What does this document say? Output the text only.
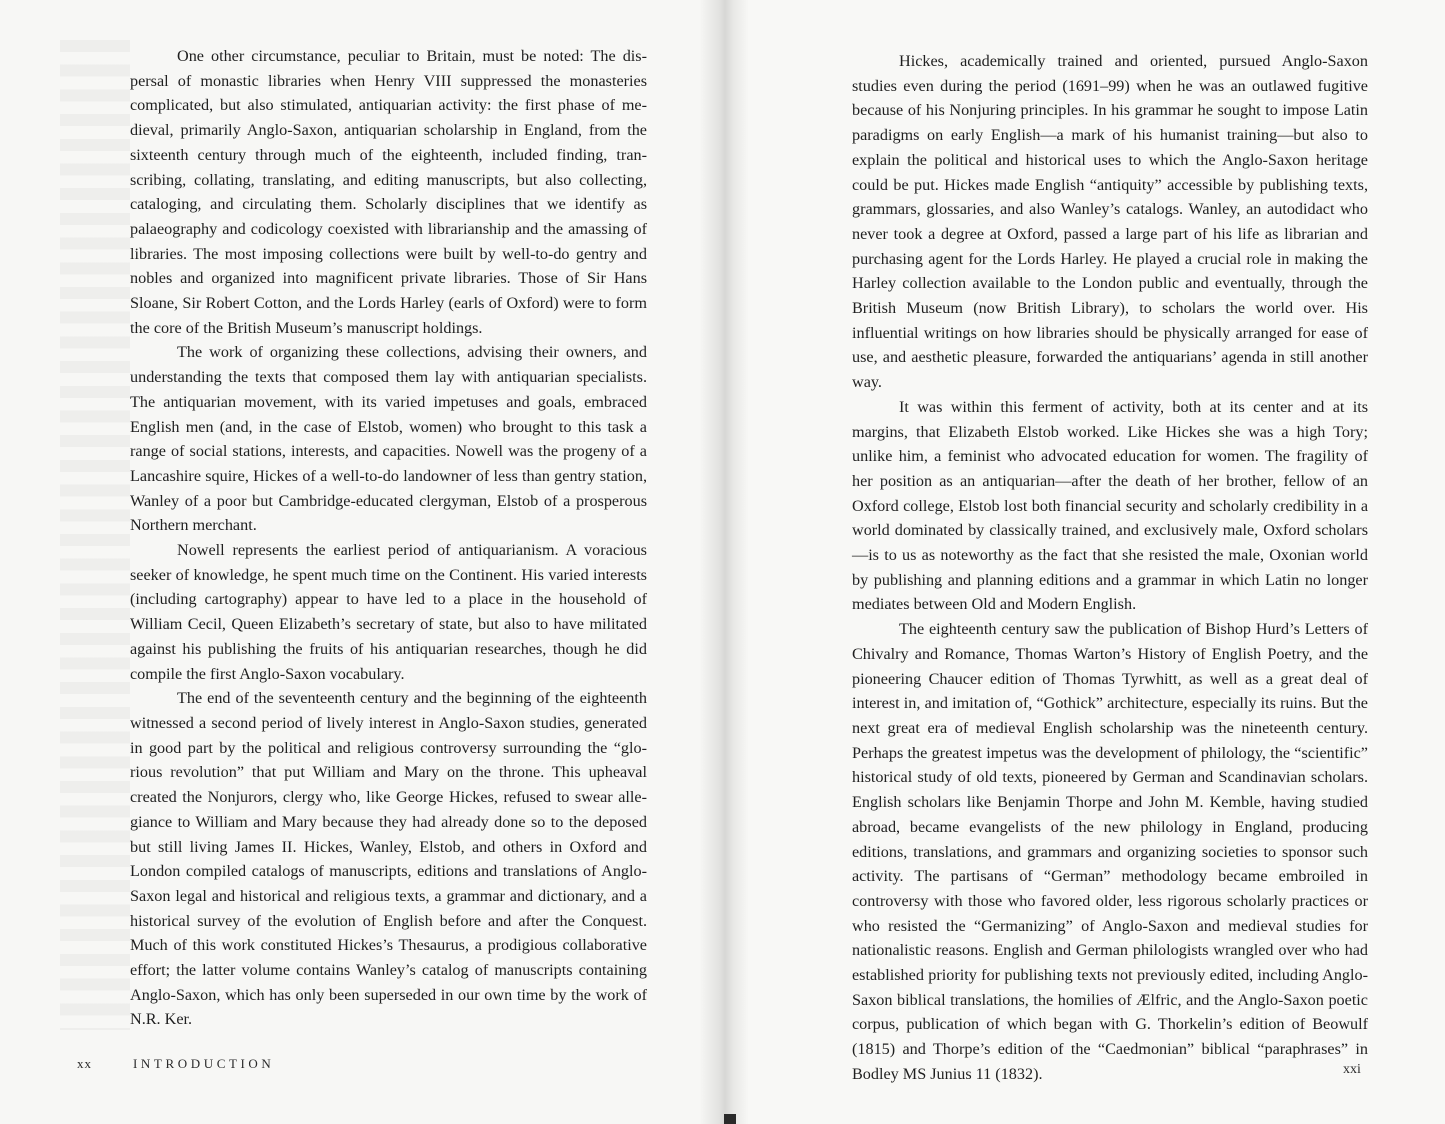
One other circumstance, peculiar to Britain, must be noted: The dispersal of monastic libraries when Henry VIII suppressed the monasteries complicated, but also stimulated, antiquarian activity: the first phase of medieval, primarily Anglo-Saxon, antiquarian scholarship in England, from the sixteenth century through much of the eighteenth, included finding, transcribing, collating, translating, and editing manuscripts, but also collecting, cataloging, and circulating them. Scholarly disciplines that we identify as palaeography and codicology coexisted with librarianship and the amassing of libraries. The most imposing collections were built by well-to-do gentry and nobles and organized into magnificent private libraries. Those of Sir Hans Sloane, Sir Robert Cotton, and the Lords Harley (earls of Oxford) were to form the core of the British Museum’s manuscript holdings.

The work of organizing these collections, advising their owners, and understanding the texts that composed them lay with antiquarian specialists. The antiquarian movement, with its varied impetuses and goals, embraced English men (and, in the case of Elstob, women) who brought to this task a range of social stations, interests, and capacities. Nowell was the progeny of a Lancashire squire, Hickes of a well-to-do landowner of less than gentry station, Wanley of a poor but Cambridge-educated clergyman, Elstob of a prosperous Northern merchant.

Nowell represents the earliest period of antiquarianism. A voracious seeker of knowledge, he spent much time on the Continent. His varied interests (including cartography) appear to have led to a place in the household of William Cecil, Queen Elizabeth’s secretary of state, but also to have militated against his publishing the fruits of his antiquarian researches, though he did compile the first Anglo-Saxon vocabulary.

The end of the seventeenth century and the beginning of the eighteenth witnessed a second period of lively interest in Anglo-Saxon studies, generated in good part by the political and religious controversy surrounding the “glorious revolution” that put William and Mary on the throne. This upheaval created the Nonjurors, clergy who, like George Hickes, refused to swear allegiance to William and Mary because they had already done so to the deposed but still living James II. Hickes, Wanley, Elstob, and others in Oxford and London compiled catalogs of manuscripts, editions and translations of Anglo-Saxon legal and historical and religious texts, a grammar and dictionary, and a historical survey of the evolution of English before and after the Conquest. Much of this work constituted Hickes’s Thesaurus, a prodigious collaborative effort; the latter volume contains Wanley’s catalog of manuscripts containing Anglo-Saxon, which has only been superseded in our own time by the work of N.R. Ker.

xx	INTRODUCTION

Hickes, academically trained and oriented, pursued Anglo-Saxon studies even during the period (1691–99) when he was an outlawed fugitive because of his Nonjuring principles. In his grammar he sought to impose Latin paradigms on early English—a mark of his humanist training—but also to explain the political and historical uses to which the Anglo-Saxon heritage could be put. Hickes made English “antiquity” accessible by publishing texts, grammars, glossaries, and also Wanley’s catalogs. Wanley, an autodidact who never took a degree at Oxford, passed a large part of his life as librarian and purchasing agent for the Lords Harley. He played a crucial role in making the Harley collection available to the London public and eventually, through the British Museum (now British Library), to scholars the world over. His influential writings on how libraries should be physically arranged for ease of use, and aesthetic pleasure, forwarded the antiquarians’ agenda in still another way.

It was within this ferment of activity, both at its center and at its margins, that Elizabeth Elstob worked. Like Hickes she was a high Tory; unlike him, a feminist who advocated education for women. The fragility of her position as an antiquarian—after the death of her brother, fellow of an Oxford college, Elstob lost both financial security and scholarly credibility in a world dominated by classically trained, and exclusively male, Oxford scholars—is to us as noteworthy as the fact that she resisted the male, Oxonian world by publishing and planning editions and a grammar in which Latin no longer mediates between Old and Modern English.

The eighteenth century saw the publication of Bishop Hurd’s Letters of Chivalry and Romance, Thomas Warton’s History of English Poetry, and the pioneering Chaucer edition of Thomas Tyrwhitt, as well as a great deal of interest in, and imitation of, “Gothick” architecture, especially its ruins. But the next great era of medieval English scholarship was the nineteenth century. Perhaps the greatest impetus was the development of philology, the “scientific” historical study of old texts, pioneered by German and Scandinavian scholars. English scholars like Benjamin Thorpe and John M. Kemble, having studied abroad, became evangelists of the new philology in England, producing editions, translations, and grammars and organizing societies to sponsor such activity. The partisans of “German” methodology became embroiled in controversy with those who favored older, less rigorous scholarly practices or who resisted the “Germanizing” of Anglo-Saxon and medieval studies for nationalistic reasons. English and German philologists wrangled over who had established priority for publishing texts not previously edited, including Anglo-Saxon biblical translations, the homilies of Ælfric, and the Anglo-Saxon poetic corpus, publication of which began with G. Thorkelin’s edition of Beowulf (1815) and Thorpe’s edition of the “Caedmonian” biblical “paraphrases” in Bodley MS Junius 11 (1832).	xxi
